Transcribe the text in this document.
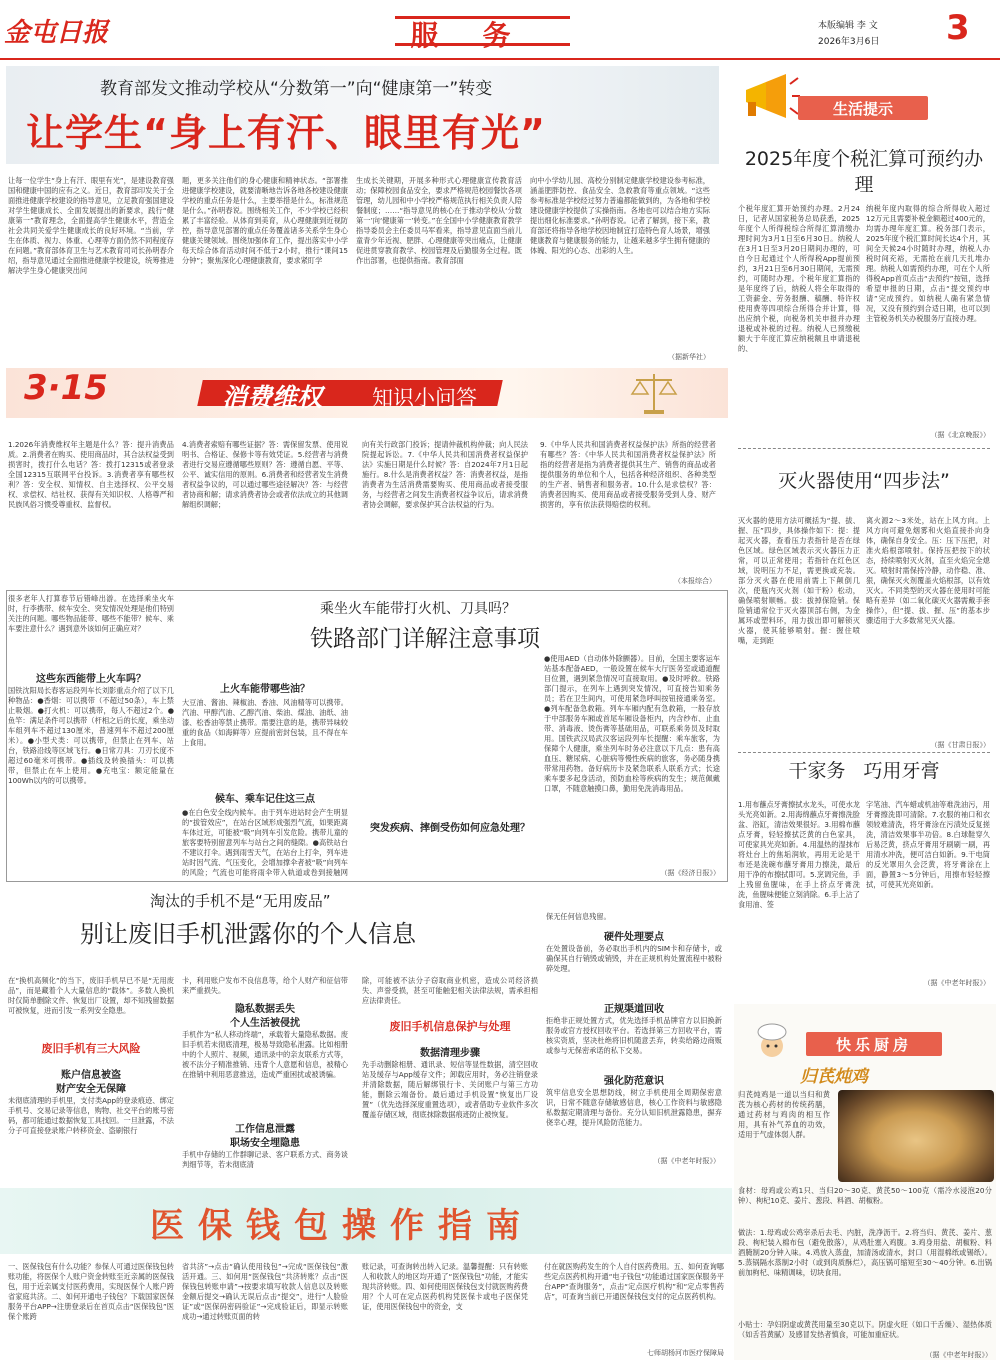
金屯日报	服务	本版编辑 李 文
2026年3月6日 3
教育部发文推动学校从“分数第一”向“健康第一”转变
让学生“身上有汗、眼里有光”
让每一位学生“身上有汗、眼里有光”，是建设教育强国和健康中国的应有之义。近日，教育部印发关于全面推进健康学校建设的指导意见，立足教育强国建设对学生健康成长、全面发展提出的新要求，践行“健康第一”教育理念，全面提高学生健康水平，营造全社会共同关爱学生健康成长的良好环境。“当前，学生在体质、视力、体重、心理等方面仍然不同程度存在问题。”教育部体育卫生与艺术教育司司长孙明春介绍，指导意见通过全面推进健康学校建设，统筹推进解决学生身心健康突出问
题，更多关注他们的身心健康和精神状态。“部署推进健康学校建设，就要清晰地告诉各地各校建设健康学校的重点任务是什么，主要举措是什么，标准规范是什么。”孙明春说。围绕相关工作，不少学校已经积累了丰富经验。从体育到美育，从心理健康到近视防控，指导意见部署的重点任务覆盖诸多关系学生身心健康关键领域。围绕加强体育工作，提出落实中小学每天综合体育活动时间不低于2小时，推行“课间15分钟”；聚焦深化心理健康教育，要求紧盯学
生成长关键期，开展多种形式心理健康宣传教育活动；保障校园食品安全，要求严格规范校园餐饮各项管理，幼儿园和中小学校严格规范执行相关负责人陪餐制度；……“指导意见的核心在于推动学校从‘分数第一’向‘健康第一’转变。”在全国中小学健康教育教学指导委员会主任委员马军看来，指导意见直面当前儿童青少年近视、肥胖、心理健康等突出痛点，让健康促进贯穿教育教学、校园管理及后勤服务全过程。既作出部署，也提供指南。教育部面
向中小学幼儿园、高校分别制定健康学校建设参考标准，涵盖肥胖防控、食品安全、急救教育等重点领域。“这些参考标准是学校经过努力普遍都能做到的，为各地和学校建设健康学校提供了实操指南。各地也可以结合地方实际提出细化标准要求。”孙明春说。记者了解到，接下来，教育部还将指导各地学校因地制宜打造特色育人场景，增强健康教育与健康服务的能力，让越来越多学生拥有健康的体魄、阳光的心态、出彩的人生。
（据新华社）
生活提示
2025年度个税汇算可预约办理
个税年度汇算开始预约办理。2月24日，记者从国家税务总局获悉，2025年度个人所得税综合所得汇算清缴办理时间为3月1日至6月30日。纳税人在3月1日至3月20日期间办理的，可自今日起通过个人所得税App提前预约，3月21日至6月30日期间，无需预约，可随时办理。个税年度汇算指的是年度终了后，纳税人将全年取得的工资薪金、劳务报酬、稿酬、特许权使用费等四项综合所得合并计算，得出应纳个税，向税务机关申报并办理退税或补税的过程。纳税人已预缴税额大于年度汇算应纳税额且申请退税的、
纳税年度内取得的综合所得收入超过12万元且需要补税金额超过400元的，均需办理年度汇算。税务部门表示，2025年度个税汇算时间长达4个月，其间全天候24小时随时办理，纳税人办税时间充裕，无需抢在前几天扎堆办理。纳税人如需预约办理，可在个人所得税App首页点击“去预约”按钮，选择希望申报的日期，点击“提交预约申请”完成预约。如纳税人确有紧急情况，又没有预约到合适日期，也可以到主管税务机关办税服务厅直接办理。
（据《北京晚报》）
灭火器使用“四步法”
灭火器的使用方法可概括为“提、拔、握、压”四步，具体操作如下：提：提起灭火器，查看压力表指针是否在绿色区域。绿色区域表示灭火器压力正常，可以正常使用；若指针在红色区域，说明压力不足，需更换或充装。部分灭火器在使用前需上下颠倒几次，使瓶内灭火剂（如干粉）松动，确保喷射顺畅。拔：拔掉保险销。保险销通常位于灭火器顶部右侧，为金属环或塑料环，用力拔出即可解锁灭火器，使其能够喷射。握：握住喷嘴，走到距
离火源2～3米处，站在上风方向。上风方向可避免烟雾和火焰直接扑向身体，确保自身安全。压：压下压把，对准火焰根部喷射。保持压把按下的状态，持续喷射灭火剂，直至火焰完全熄灭。喷射时需保持冷静，动作稳、准、狠，确保灭火剂覆盖火焰根部，以有效灭火。不同类型的灭火器在使用时可能略有差异（如二氧化碳灭火器需戴手套操作），但“提、拔、握、压”的基本步骤适用于大多数常见灭火器。
（据《甘肃日报》）
干家务 巧用牙膏
1.用布蘸点牙膏擦拭水龙头，可使水龙头光亮如新。2.用海绵蘸点牙膏擦洗脸盆、浴缸，清洁效果很好。3.用棉布蘸点牙膏，轻轻擦拭泛黄的白色家具，可使家具光亮如新。4.用温热的湿抹布将灶台上的焦垢润软，再用无论是干布还是洗碗布蘸牙膏用力擦洗，最后用干净的布擦拭即可。5.烹调完鱼，手上残留鱼腥味，在手上挤点牙膏洗洗，鱼腥味便能立刻消除。6.手上沾了食用油、签
字笔油、汽车蜡或机油等难洗油污，用牙膏擦洗即可清除。7.衣服的袖口和衣领较难清洗，将牙膏涂在污渍处反复搓洗，清洁效果事半功倍。8.白球鞋穿久后易泛黄，挤点牙膏用牙刷刷一刷，再用清水冲洗，便可洁白如新。9.干电筒的反光罩用久会泛黄，将牙膏涂在上面，静置3～5分钟后，用擦布轻轻擦拭，可使其光亮如新。
（据《中老年时报》）
3·15	消费维权 知识小问答
1.2026年消费维权年主题是什么？答：提升消费品质。2.消费者在购买、使用商品时，其合法权益受到损害时，拨打什么电话？答：拨打12315或者登录全国12315互联网平台投诉。3.消费者享有哪些权利？答：安全权、知情权、自主选择权、公平交易权、求偿权、结社权、获得有关知识权、人格尊严和民族风俗习惯受尊重权、监督权。
4.消费者索赔有哪些证据？答：需保留发票、使用说明书、合格证、保修卡等有效凭证。5.经营者与消费者进行交易应遵循哪些原则？答：遵循自愿、平等、公平、诚实信用的原则。6.消费者和经营者发生消费者权益争议的，可以通过哪些途径解决？答：与经营者协商和解；请求消费者协会或者依法成立的其他调解组织调解；
向有关行政部门投诉；提请仲裁机构仲裁；向人民法院提起诉讼。7.《中华人民共和国消费者权益保护法》实施日期是什么时候？答：自2024年7月1日起施行。8.什么是消费者权益？答：消费者权益，是指消费者为生活消费需要购买、使用商品或者接受服务，与经营者之间发生消费者权益争议后，请求消费者协会调解，要求保护其合法权益的行为。
9.《中华人民共和国消费者权益保护法》所指的经营者有哪些？答：《中华人民共和国消费者权益保护法》所指的经营者是指为消费者提供其生产、销售的商品或者提供服务的单位和个人，包括各种经济组织、各种类型的生产者、销售者和服务者。10.什么是求偿权？答：消费者因购买、使用商品或者接受服务受到人身、财产损害的，享有依法获得赔偿的权利。
（本报综合）
乘坐火车能带打火机、刀具吗？
铁路部门详解注意事项
很多老年人打算春节后错峰出游。在选择乘坐火车时，行李携带、候车安全、突发情况处理是他们特别关注的问题。哪些物品能带、哪些不能带？候车、乘车要注意什么？遇到意外该如何正确应对？
这些东西能带上火车吗？
国铁沈阳局长春客运段列车长刘影重点介绍了以下几种物品：●香烟：可以携带（不超过50条），车上禁止吸烟。●打火机：可以携带，每人不超过2个。●鱼竿：满足条件可以携带（杆相之后的长度，乘坐动车组列车不超过130厘米，普速列车不超过200厘米）。●小型犬类：可以携带，但禁止在列车、站台，铁路沿线等区域飞行。●日常刀具：刀刃长度不超过60毫米可携带。●插线及转换插头：可以携带，但禁止在车上使用。●充电宝：额定能量在100Wh以内的可以携带。
上火车能带哪些油？
大豆油、酱油、辣椒油、香油、风油精等可以携带。汽油、甲醇汽油、乙醇汽油、柴油、煤油、油纸、油漆、松香油等禁止携带。需要注意的是，携带异味较重的食品（如海鲜等）应提前密封包装，且不得在车上食用。
候车、乘车记住这三点
●在白色安全线内候车。由于列车进站时会产生明显的“拔管效应”，在站台区域形成强烈气流，如果距离车体过近，可能被“吸”向列车引发危险。携带儿童的旅客要特别留意列车与站台之间的缝隙。●高铁站台不建议打伞。遇到雨雪天气，在站台上打伞，列车进站时因气流、气压变化，会增加撑伞者被“吸”向列车的风险；气流也可能将雨伞带入轨道或卷到接触网
突发疾病、摔倒受伤如何应急处理？
●使用AED（自动体外除颤器）。目前，全国主要客运车站基本配备AED，一般设置在候车大厅医务室或通道醒目位置，遇到紧急情况可直接取用。●及时呼救。铁路部门提示，在列车上遇到突发情况，可直接告知乘务员；若在卫生间内，可使用紧急呼叫按钮接通乘务室。●列车配备急救箱。列车车厢内配有急救箱，一般存放于中部服务车厢或首尾车厢设备柜内，内含纱布、止血带、消毒液、烫伤膏等基础用品，可联系乘务员及时取用。国铁武汉局武汉客运段列车长提醒：乘车旅客，为保障个人健康，乘坐列车时务必注意以下几点：患有高血压、糖尿病、心脏病等慢性疾病的旅客，务必随身携带常用药物。备好病历卡及紧急联系人联系方式；长途乘车要多起身活动，预防血栓等疾病的发生；规范佩戴口罩，不随意触摸口鼻，勤用免洗消毒用品。
（据《经济日报》）
淘汰的手机不是“无用废品”
别让废旧手机泄露你的个人信息
在“换机高频化”的当下，废旧手机早已不是“无用废品”，而是藏着个人大量信息的“载体”。多数人换机时仅简单删除文件、恢复出厂设置，却不知残留数据可被恢复，进而引发一系列安全隐患。
废旧手机有三大风险
账户信息被盗
财产安全无保障
未彻底清理的手机里，支付类App的登录痕迹、绑定手机号、交易记录等信息，购物、社交平台的账号密码，都可能通过数据恢复工具找回。一旦泄露，不法分子可直接登录账户转移资金、盗刷银行
卡，利用账户发布不良信息等，给个人财产和征信带来严重损失。
隐私数据丢失
个人生活被侵扰
手机作为“私人移动终端”，承载着大量隐私数据。废旧手机若未彻底清理，极易导致隐私泄露。比如相册中的个人照片、视频，通讯录中的亲友联系方式等，被不法分子精准推销、违背个人意愿和信息，被精心在推销中利用恶意推送，造成严重困扰或被诱骗。
工作信息泄露
职场安全埋隐患
手机中存储的工作群聊记录、客户联系方式、商务谈判细节等，若未彻底清
除，可能被不法分子窃取商业机密，造成公司经济损失、声誉受损，甚至可能触犯相关法律法规，需承担相应法律责任。
废旧手机信息保护与处理
数据清理步骤
先手动删除相册、通讯录、短信等显性数据，清空回收站及缓存与App缓存文件；卸载应用时，务必注销登录并清除数据，随后解绑银行卡、关闭账户与第三方功能，删除云端备份。最后通过手机设置“恢复出厂设置”（优先选择深度重置选项），或者借助专业软件多次覆盖存储区域，彻底抹除数据痕迹防止被恢复。
保无任何信息残留。
硬件处理要点
在处置设备前，务必取出手机内的SIM卡和存储卡，或确保其自行销毁或销毁，并在正规机构处置流程中被粉碎处理。
正规渠道回收
拒绝非正规处置方式，优先选择手机品牌官方以旧换新服务或官方授权回收平台。若选择第三方回收平台，需核实资质，坚决杜绝将旧机随意丢弃，转卖给路边商贩或参与无保密承诺的私下交易。
强化防范意识
筑牢信息安全思想防线，树立手机使用全周期保密意识，日常不随意存储敏感信息，核心工作资料与敏感隐私数据定期清理与备份。充分认知旧机泄露隐患，摒弃侥幸心理，提升风险防范能力。
（据《中老年时报》）
快乐厨房
归芪炖鸡
归芪炖鸡是一道以当归和黄芪为核心药材的传统药膳，通过药材与鸡肉的相互作用，具有补气养血的功效，适用于气虚体弱人群。
食材：母鸡或公鸡1只、当归20～30克、黄芪50～100克（需冷水浸泡20分钟）、枸杞10克、姜片、葱段、料酒、胡椒粉。
做法：1.母鸡或公鸡宰杀后去毛、内脏，洗净沥干。2.将当归、黄芪、姜片、葱段、枸杞装入棉布包（避免散落），从鸡肚塞入鸡腹。3.鸡身用盐、胡椒粉、料酒腌制20分钟入味。4.鸡放入蒸盘，加清汤或清水，封口（用湿棉纸或锡纸）。5.蒸锅隔水蒸制2小时（或到肉质酥烂），高压锅可缩短至30～40分钟。6.出锅前加枸杞、味精调味，切块食用。
小贴士：孕妇阴虚或黄芪用量至30克以下。阴虚火旺（如口干舌燥）、湿热体质（如舌苔黄腻）及感冒发热者慎食，可能加重症状。
（据《中老年时报》）
医保钱包操作指南
一、医保钱包有什么功能？参保人可通过医保钱包转账功能，将医保个人账户资金转账至近亲属的医保钱包，用于近亲属支付医药费用，实现医保个人账户跨省家庭共济。二、如何开通电子钱包？下载国家医保服务平台APP→注册登录后在首页点击“医保钱包”医保个账跨
省共济”→点击“确认使用钱包”→完成“医保钱包”激活开通。三、如何用“医保钱包”共济转账？点击“医保钱包转账申请”→按要求填写收款人信息以及转账金额后提交→确认无误后点击“提交”，进行“人脸验证”或“医保码密码验证”→完成验证后，即显示转账成功→通过转账页面的转
账记录，可查询转出转入记录。温馨提醒：只有转账人和收款人的地区均开通了“医保钱包”功能，才能实现共济转账。四、如何使用医保钱包支付就医购药费用？个人可在定点医药机构凭医保卡或电子医保凭证，使用医保钱包中的资金，支
付在就医购药发生的个人自付医药费用。五、如何查询哪些定点医药机构开通“电子钱包”功能通过国家医保服务平台APP“查询服务”，点击“定点医疗机构”和“定点零售药店”，可查询当前已开通医保钱包支付的定点医药机构。
七师胡杨河市医疗保障局
